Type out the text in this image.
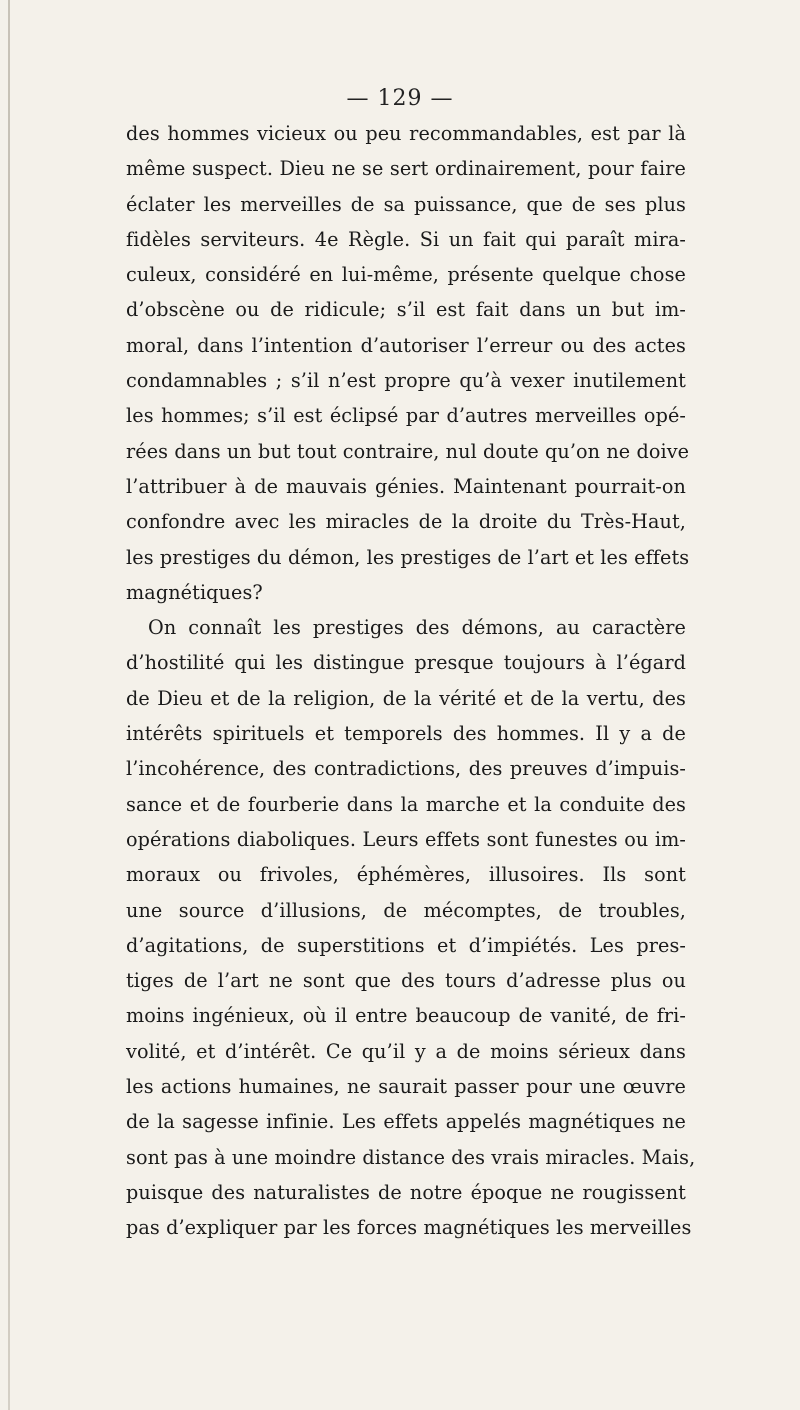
— 129 —
des hommes vicieux ou peu recommandables, est par là
même suspect. Dieu ne se sert ordinairement, pour faire
éclater les merveilles de sa puissance, que de ses plus
fidèles serviteurs. 4e Règle. Si un fait qui paraît mira-
culeux, considéré en lui-même, présente quelque chose
d’obscène ou de ridicule; s’il est fait dans un but im-
moral, dans l’intention d’autoriser l’erreur ou des actes
condamnables ; s’il n’est propre qu’à vexer inutilement
les hommes; s’il est éclipsé par d’autres merveilles opé-
rées dans un but tout contraire, nul doute qu’on ne doive
l’attribuer à de mauvais génies. Maintenant pourrait-on
confondre avec les miracles de la droite du Très-Haut,
les prestiges du démon, les prestiges de l’art et les effets
magnétiques?
On connaît les prestiges des démons, au caractère
d’hostilité qui les distingue presque toujours à l’égard
de Dieu et de la religion, de la vérité et de la vertu, des
intérêts spirituels et temporels des hommes. Il y a de
l’incohérence, des contradictions, des preuves d’impuis-
sance et de fourberie dans la marche et la conduite des
opérations diaboliques. Leurs effets sont funestes ou im-
moraux ou frivoles, éphémères, illusoires. Ils sont
une source d’illusions, de mécomptes, de troubles,
d’agitations, de superstitions et d’impiétés. Les pres-
tiges de l’art ne sont que des tours d’adresse plus ou
moins ingénieux, où il entre beaucoup de vanité, de fri-
volité, et d’intérêt. Ce qu’il y a de moins sérieux dans
les actions humaines, ne saurait passer pour une œuvre
de la sagesse infinie. Les effets appelés magnétiques ne
sont pas à une moindre distance des vrais miracles. Mais,
puisque des naturalistes de notre époque ne rougissent
pas d’expliquer par les forces magnétiques les merveilles
